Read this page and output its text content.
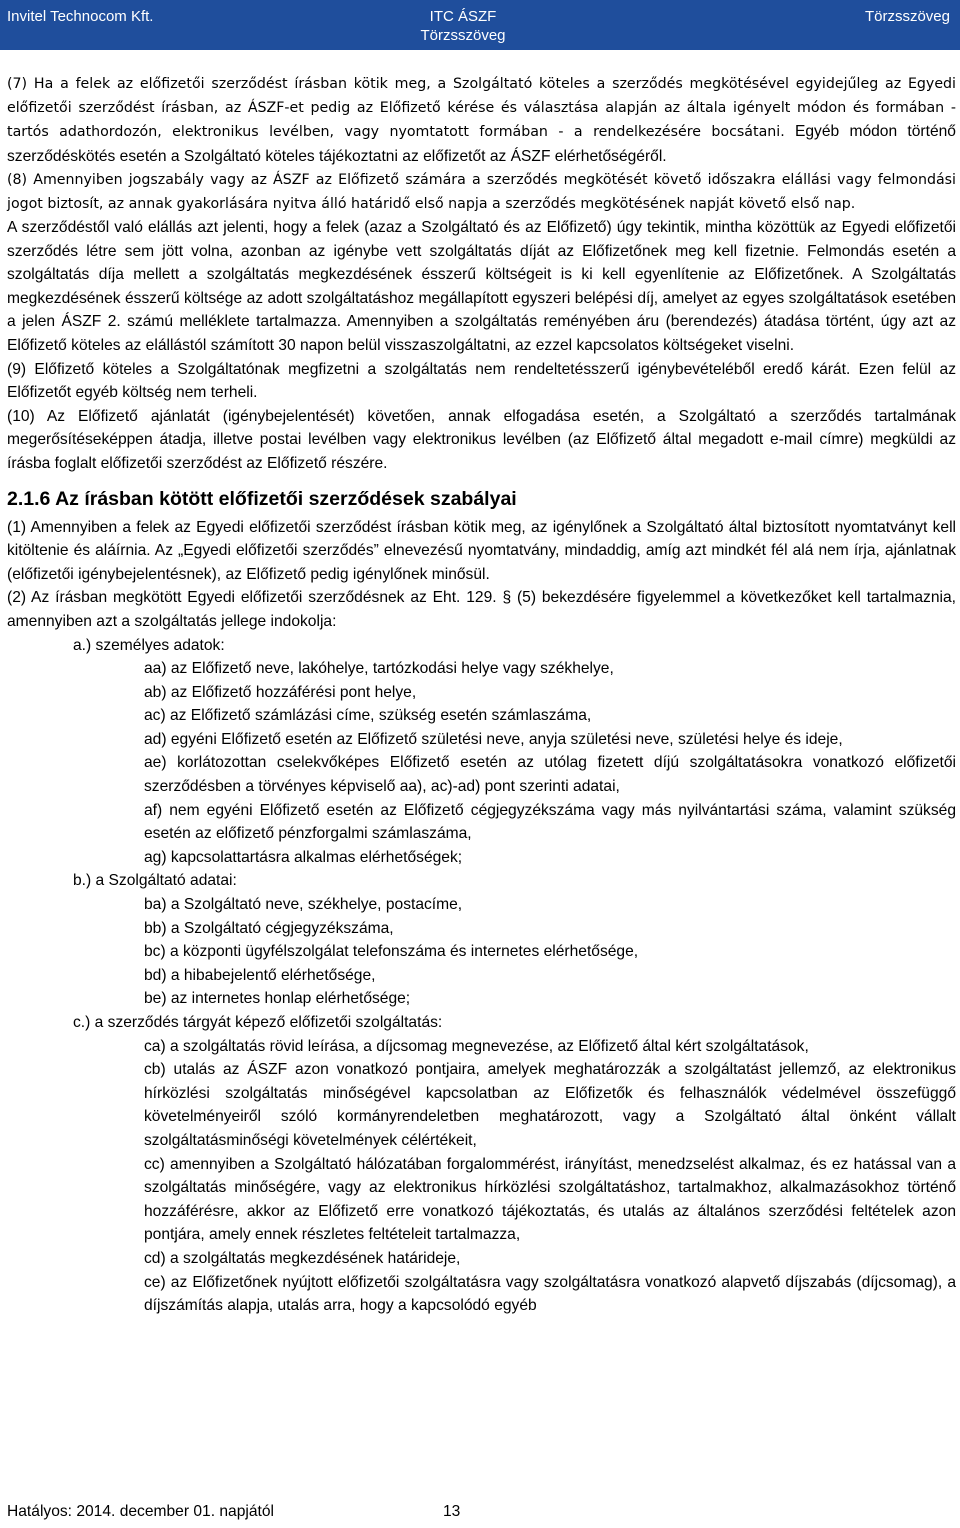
Invitel Technocom Kft.	ITC ÁSZF
Törzsszöveg
Törzsszöveg

(7) Ha a felek az előfizetői szerződést írásban kötik meg, a Szolgáltató köteles a szerződés megkötésével egyidejűleg az Egyedi előfizetői szerződést írásban, az ÁSZF-et pedig az Előfizető kérése és választása alapján az általa igényelt módon és formában - tartós adathordozón, elektronikus levélben, vagy nyomtatott formában - a rendelkezésére bocsátani. Egyéb módon történő szerződéskötés esetén a Szolgáltató köteles tájékoztatni az előfizetőt az ÁSZF elérhetőségéről.

(8) Amennyiben jogszabály vagy az ÁSZF az Előfizető számára a szerződés megkötését követő időszakra elállási vagy felmondási jogot biztosít, az annak gyakorlására nyitva álló határidő első napja a szerződés megkötésének napját követő első nap.

A szerződéstől való elállás azt jelenti, hogy a felek (azaz a Szolgáltató és az Előfizető) úgy tekintik, mintha közöttük az Egyedi előfizetői szerződés létre sem jött volna, azonban az igénybe vett szolgáltatás díját az Előfizetőnek meg kell fizetnie. Felmondás esetén a szolgáltatás díja mellett a szolgáltatás megkezdésének ésszerű költségeit is ki kell egyenlítenie az Előfizetőnek. A Szolgáltatás megkezdésének ésszerű költsége az adott szolgáltatáshoz megállapított egyszeri belépési díj, amelyet az egyes szolgáltatások esetében a jelen ÁSZF 2. számú melléklete tartalmazza. Amennyiben a szolgáltatás reményében áru (berendezés) átadása történt, úgy azt az Előfizető köteles az elállástól számított 30 napon belül visszaszolgáltatni, az ezzel kapcsolatos költségeket viselni.

(9) Előfizető köteles a Szolgáltatónak megfizetni a szolgáltatás nem rendeltetésszerű igénybevételéből eredő kárát. Ezen felül az Előfizetőt egyéb költség nem terheli.

(10) Az Előfizető ajánlatát (igénybejelentését) követően, annak elfogadása esetén, a Szolgáltató a szerződés tartalmának megerősítéseképpen átadja, illetve postai levélben vagy elektronikus levélben (az Előfizető által megadott e-mail címre) megküldi az írásba foglalt előfizetői szerződést az Előfizető részére.

2.1.6 Az írásban kötött előfizetői szerződések szabályai

(1) Amennyiben a felek az Egyedi előfizetői szerződést írásban kötik meg, az igénylőnek a Szolgáltató által biztosított nyomtatványt kell kitöltenie és aláírnia. Az „Egyedi előfizetői szerződés” elnevezésű nyomtatvány, mindaddig, amíg azt mindkét fél alá nem írja, ajánlatnak (előfizetői igénybejelentésnek), az Előfizető pedig igénylőnek minősül.

(2) Az írásban megkötött Egyedi előfizetői szerződésnek az Eht. 129. § (5) bekezdésére figyelemmel a következőket kell tartalmaznia, amennyiben azt a szolgáltatás jellege indokolja:

a.) személyes adatok:

aa) az Előfizető neve, lakóhelye, tartózkodási helye vagy székhelye,

ab) az Előfizető hozzáférési pont helye,

ac) az Előfizető számlázási címe, szükség esetén számlaszáma,

ad) egyéni Előfizető esetén az Előfizető születési neve, anyja születési neve, születési helye és ideje,

ae) korlátozottan cselekvőképes Előfizető esetén az utólag fizetett díjú szolgáltatásokra vonatkozó előfizetői szerződésben a törvényes képviselő aa), ac)-ad) pont szerinti adatai,

af) nem egyéni Előfizető esetén az Előfizető cégjegyzékszáma vagy más nyilvántartási száma, valamint szükség esetén az előfizető pénzforgalmi számlaszáma,

ag) kapcsolattartásra alkalmas elérhetőségek;

b.) a Szolgáltató adatai:

ba) a Szolgáltató neve, székhelye, postacíme,

bb) a Szolgáltató cégjegyzékszáma,

bc) a központi ügyfélszolgálat telefonszáma és internetes elérhetősége,

bd) a hibabejelentő elérhetősége,

be) az internetes honlap elérhetősége;

c.) a szerződés tárgyát képező előfizetői szolgáltatás:

ca) a szolgáltatás rövid leírása, a díjcsomag megnevezése, az Előfizető által kért szolgáltatások,

cb) utalás az ÁSZF azon vonatkozó pontjaira, amelyek meghatározzák a szolgáltatást jellemző, az elektronikus hírközlési szolgáltatás minőségével kapcsolatban az Előfizetők és felhasználók védelmével összefüggő követelményeiről szóló kormányrendeletben meghatározott, vagy a Szolgáltató által önként vállalt szolgáltatásminőségi követelmények célértékeit,

cc) amennyiben a Szolgáltató hálózatában forgalommérést, irányítást, menedzselést alkalmaz, és ez hatással van a szolgáltatás minőségére, vagy az elektronikus hírközlési szolgáltatáshoz, tartalmakhoz, alkalmazásokhoz történő hozzáférésre, akkor az Előfizető erre vonatkozó tájékoztatás, és utalás az általános szerződési feltételek azon pontjára, amely ennek részletes feltételeit tartalmazza,

cd) a szolgáltatás megkezdésének határideje,

ce) az Előfizetőnek nyújtott előfizetői szolgáltatásra vagy szolgáltatásra vonatkozó alapvető díjszabás (díjcsomag), a díjszámítás alapja, utalás arra, hogy a kapcsolódó egyéb

Hatályos: 2014. december 01. napjától	13
